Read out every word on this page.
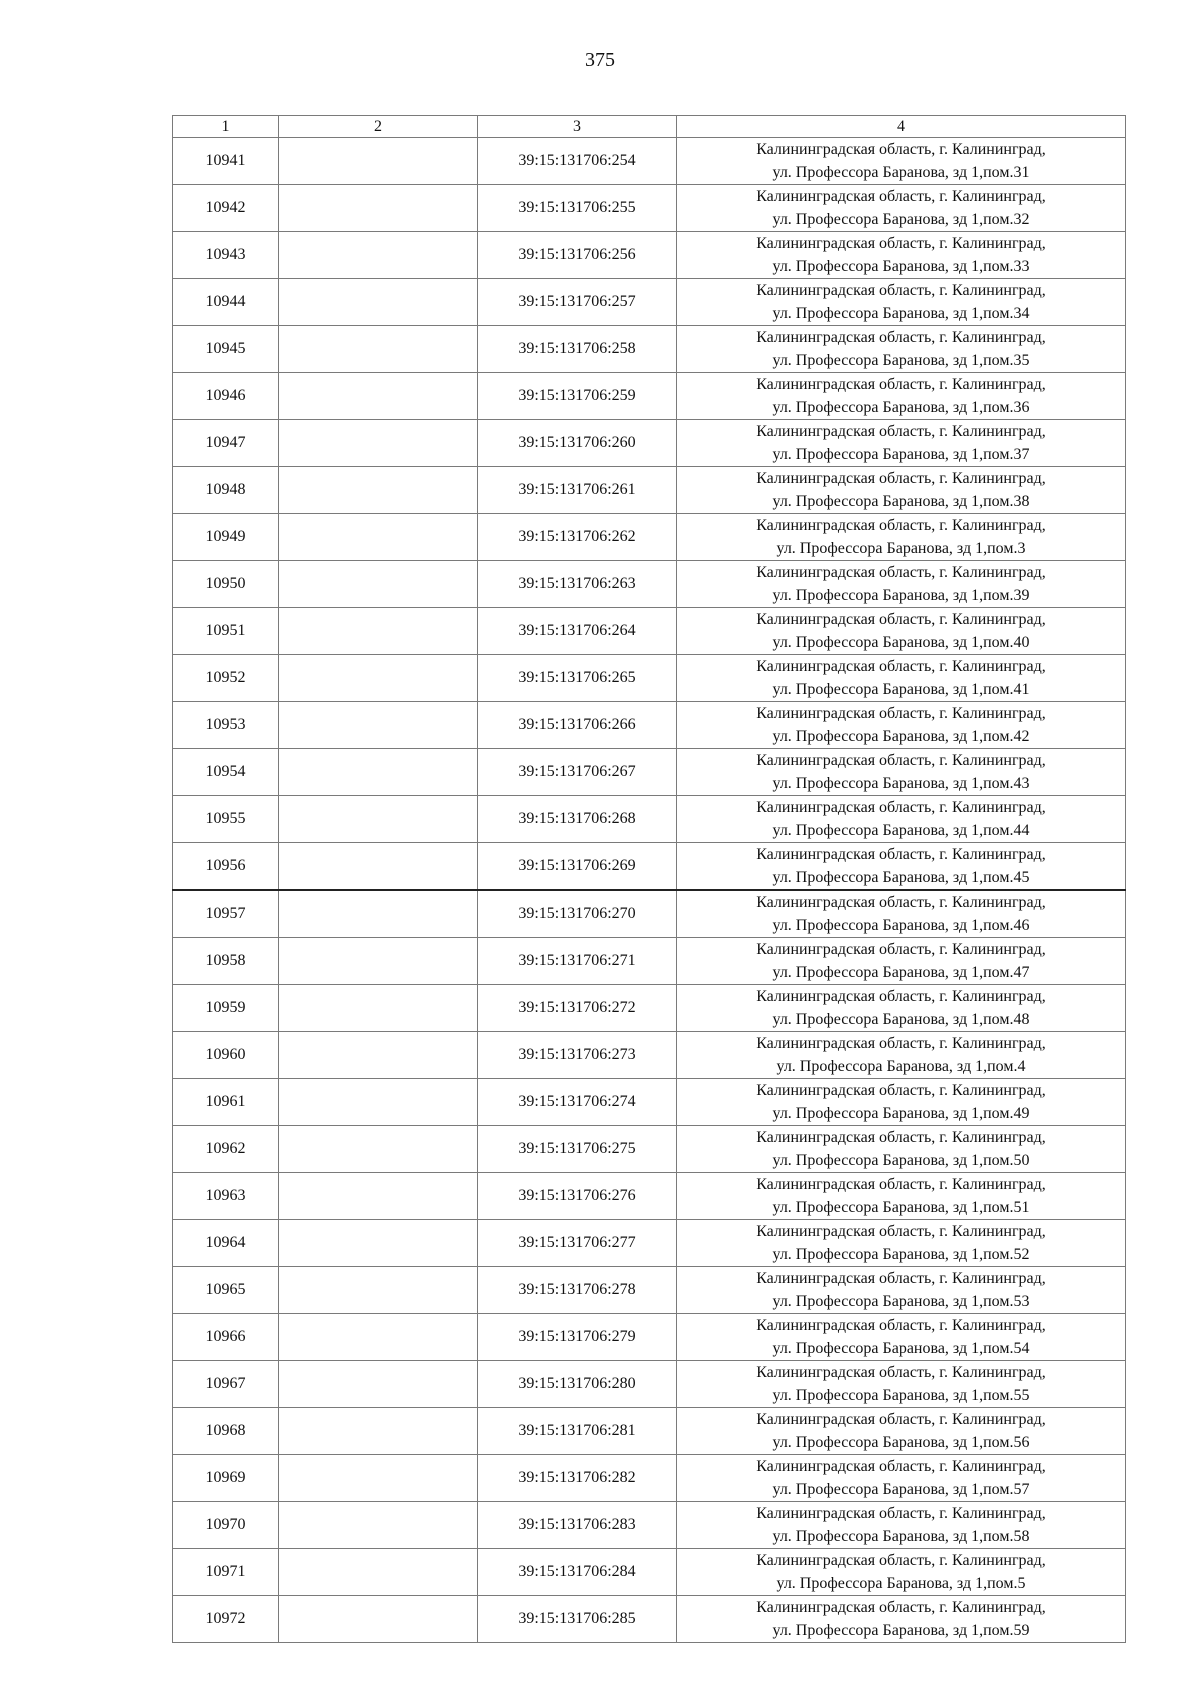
375
1	2	3	4
10941		39:15:131706:254	Калининградская область, г. Калининград,
ул. Профессора Баранова, зд 1,пом.31

10942		39:15:131706:255	Калининградская область, г. Калининград,
ул. Профессора Баранова, зд 1,пом.32

10943		39:15:131706:256	Калининградская область, г. Калининград,
ул. Профессора Баранова, зд 1,пом.33

10944		39:15:131706:257	Калининградская область, г. Калининград,
ул. Профессора Баранова, зд 1,пом.34

10945		39:15:131706:258	Калининградская область, г. Калининград,
ул. Профессора Баранова, зд 1,пом.35

10946		39:15:131706:259	Калининградская область, г. Калининград,
ул. Профессора Баранова, зд 1,пом.36

10947		39:15:131706:260	Калининградская область, г. Калининград,
ул. Профессора Баранова, зд 1,пом.37

10948		39:15:131706:261	Калининградская область, г. Калининград,
ул. Профессора Баранова, зд 1,пом.38

10949		39:15:131706:262	Калининградская область, г. Калининград,
ул. Профессора Баранова, зд 1,пом.3

10950		39:15:131706:263	Калининградская область, г. Калининград,
ул. Профессора Баранова, зд 1,пом.39

10951		39:15:131706:264	Калининградская область, г. Калининград,
ул. Профессора Баранова, зд 1,пом.40

10952		39:15:131706:265	Калининградская область, г. Калининград,
ул. Профессора Баранова, зд 1,пом.41

10953		39:15:131706:266	Калининградская область, г. Калининград,
ул. Профессора Баранова, зд 1,пом.42

10954		39:15:131706:267	Калининградская область, г. Калининград,
ул. Профессора Баранова, зд 1,пом.43

10955		39:15:131706:268	Калининградская область, г. Калининград,
ул. Профессора Баранова, зд 1,пом.44

10956		39:15:131706:269	Калининградская область, г. Калининград,
ул. Профессора Баранова, зд 1,пом.45

10957		39:15:131706:270	Калининградская область, г. Калининград,
ул. Профессора Баранова, зд 1,пом.46

10958		39:15:131706:271	Калининградская область, г. Калининград,
ул. Профессора Баранова, зд 1,пом.47

10959		39:15:131706:272	Калининградская область, г. Калининград,
ул. Профессора Баранова, зд 1,пом.48

10960		39:15:131706:273	Калининградская область, г. Калининград,
ул. Профессора Баранова, зд 1,пом.4

10961		39:15:131706:274	Калининградская область, г. Калининград,
ул. Профессора Баранова, зд 1,пом.49

10962		39:15:131706:275	Калининградская область, г. Калининград,
ул. Профессора Баранова, зд 1,пом.50

10963		39:15:131706:276	Калининградская область, г. Калининград,
ул. Профессора Баранова, зд 1,пом.51

10964		39:15:131706:277	Калининградская область, г. Калининград,
ул. Профессора Баранова, зд 1,пом.52

10965		39:15:131706:278	Калининградская область, г. Калининград,
ул. Профессора Баранова, зд 1,пом.53

10966		39:15:131706:279	Калининградская область, г. Калининград,
ул. Профессора Баранова, зд 1,пом.54

10967		39:15:131706:280	Калининградская область, г. Калининград,
ул. Профессора Баранова, зд 1,пом.55

10968		39:15:131706:281	Калининградская область, г. Калининград,
ул. Профессора Баранова, зд 1,пом.56

10969		39:15:131706:282	Калининградская область, г. Калининград,
ул. Профессора Баранова, зд 1,пом.57

10970		39:15:131706:283	Калининградская область, г. Калининград,
ул. Профессора Баранова, зд 1,пом.58

10971		39:15:131706:284	Калининградская область, г. Калининград,
ул. Профессора Баранова, зд 1,пом.5

10972		39:15:131706:285	Калининградская область, г. Калининград,
ул. Профессора Баранова, зд 1,пом.59
